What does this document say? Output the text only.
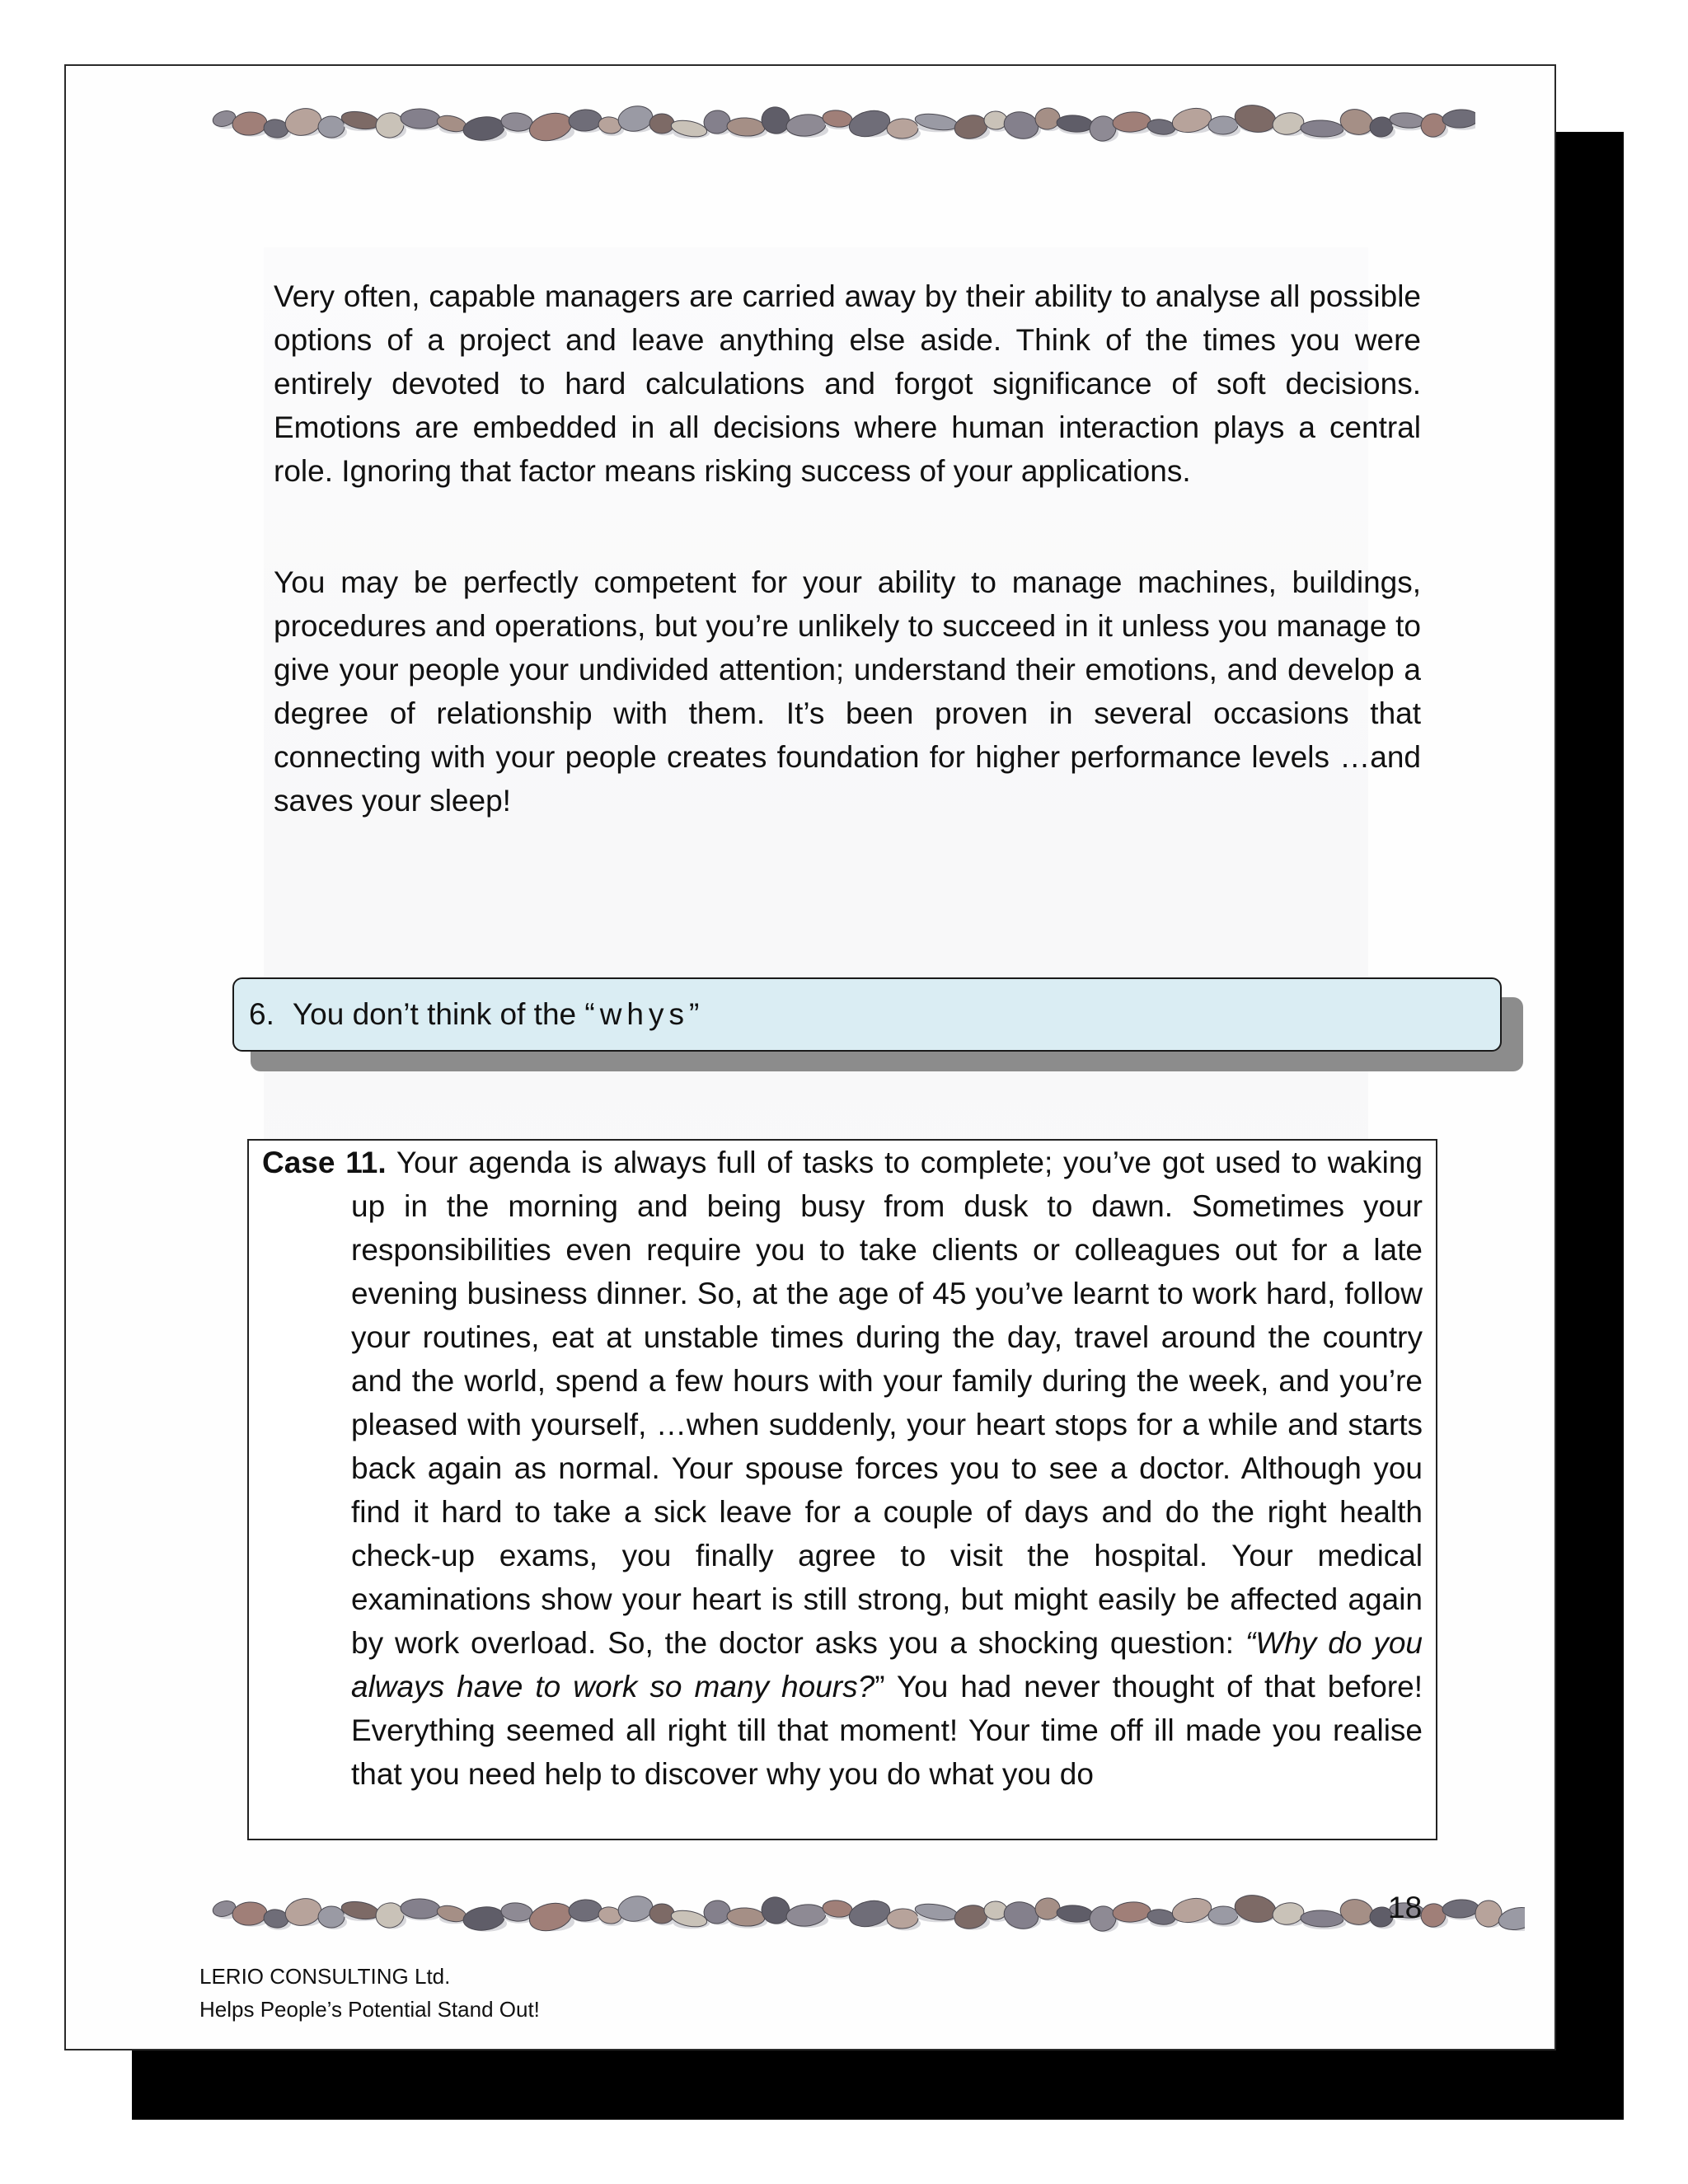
Very often, capable managers are carried away by their ability to analyse all possible options of a project and leave anything else aside. Think of the times you were entirely devoted to hard calculations and forgot significance of soft decisions. Emotions are embedded in all decisions where human interaction plays a central role. Ignoring that factor means risking success of your applications.

You may be perfectly competent for your ability to manage machines, buildings, procedures and operations, but you’re unlikely to succeed in it unless you manage to give your people your undivided attention; understand their emotions, and develop a degree of relationship with them. It’s been proven in several occasions that connecting with your people creates foundation for higher performance levels …and saves your sleep!

6. You don’t think of the
“whys”

Case 11. Your agenda is always full of tasks to complete; you’ve got used to waking up in the morning and being busy from dusk to dawn. Sometimes your responsibilities even require you to take clients or colleagues out for a late evening business dinner. So, at the age of 45 you’ve learnt to work hard, follow your routines, eat at unstable times during the day, travel around the country and the world, spend a few hours with your family during the week, and you’re pleased with yourself, …when suddenly, your heart stops for a while and starts back again as normal. Your spouse forces you to see a doctor. Although you find it hard to take a sick leave for a couple of days and do the right health check-up exams, you finally agree to visit the hospital. Your medical examinations show your heart is still strong, but might easily be affected again by work overload. So, the doctor asks you a shocking question: “Why do you always have to work so many hours?” You had never thought of that before! Everything seemed all right till that moment! Your time off ill made you realise that you need help to discover why you do what you do

18
LERIO CONSULTING Ltd.
Helps People’s Potential Stand Out!
